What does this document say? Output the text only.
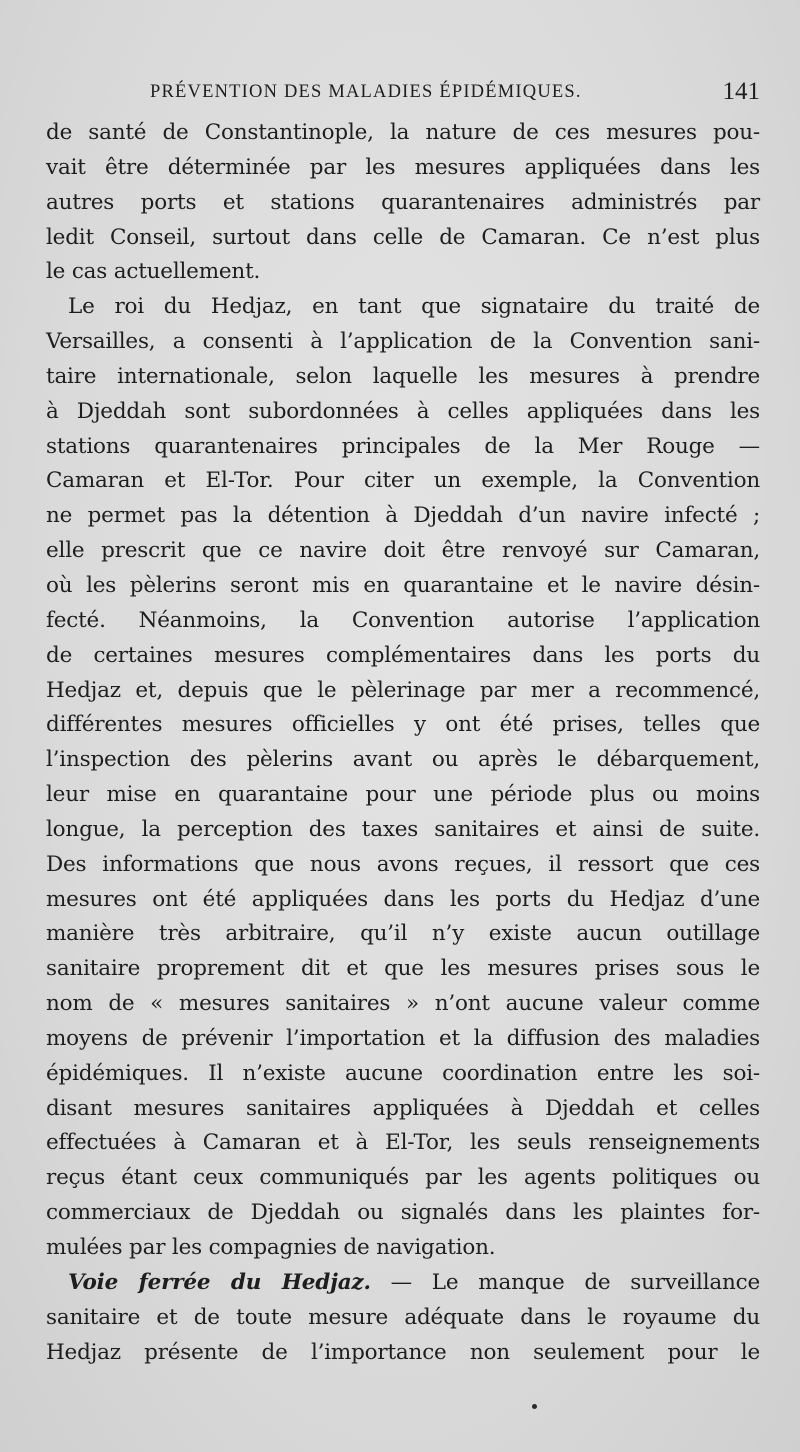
PRÉVENTION DES MALADIES ÉPIDÉMIQUES.	141
de santé de Constantinople, la nature de ces mesures pou-
vait être déterminée par les mesures appliquées dans les
autres ports et stations quarantenaires administrés par
ledit Conseil, surtout dans celle de Camaran. Ce n’est plus
le cas actuellement.
Le roi du Hedjaz, en tant que signataire du traité de
Versailles, a consenti à l’application de la Convention sani-
taire internationale, selon laquelle les mesures à prendre
à Djeddah sont subordonnées à celles appliquées dans les
stations quarantenaires principales de la Mer Rouge —
Camaran et El-Tor. Pour citer un exemple, la Convention
ne permet pas la détention à Djeddah d’un navire infecté ;
elle prescrit que ce navire doit être renvoyé sur Camaran,
où les pèlerins seront mis en quarantaine et le navire désin-
fecté. Néanmoins, la Convention autorise l’application
de certaines mesures complémentaires dans les ports du
Hedjaz et, depuis que le pèlerinage par mer a recommencé,
différentes mesures officielles y ont été prises, telles que
l’inspection des pèlerins avant ou après le débarquement,
leur mise en quarantaine pour une période plus ou moins
longue, la perception des taxes sanitaires et ainsi de suite.
Des informations que nous avons reçues, il ressort que ces
mesures ont été appliquées dans les ports du Hedjaz d’une
manière très arbitraire, qu’il n’y existe aucun outillage
sanitaire proprement dit et que les mesures prises sous le
nom de « mesures sanitaires » n’ont aucune valeur comme
moyens de prévenir l’importation et la diffusion des maladies
épidémiques. Il n’existe aucune coordination entre les soi-
disant mesures sanitaires appliquées à Djeddah et celles
effectuées à Camaran et à El-Tor, les seuls renseignements
reçus étant ceux communiqués par les agents politiques ou
commerciaux de Djeddah ou signalés dans les plaintes for-
mulées par les compagnies de navigation.
Voie ferrée du Hedjaz. — Le manque de surveillance
sanitaire et de toute mesure adéquate dans le royaume du
Hedjaz présente de l’importance non seulement pour le
